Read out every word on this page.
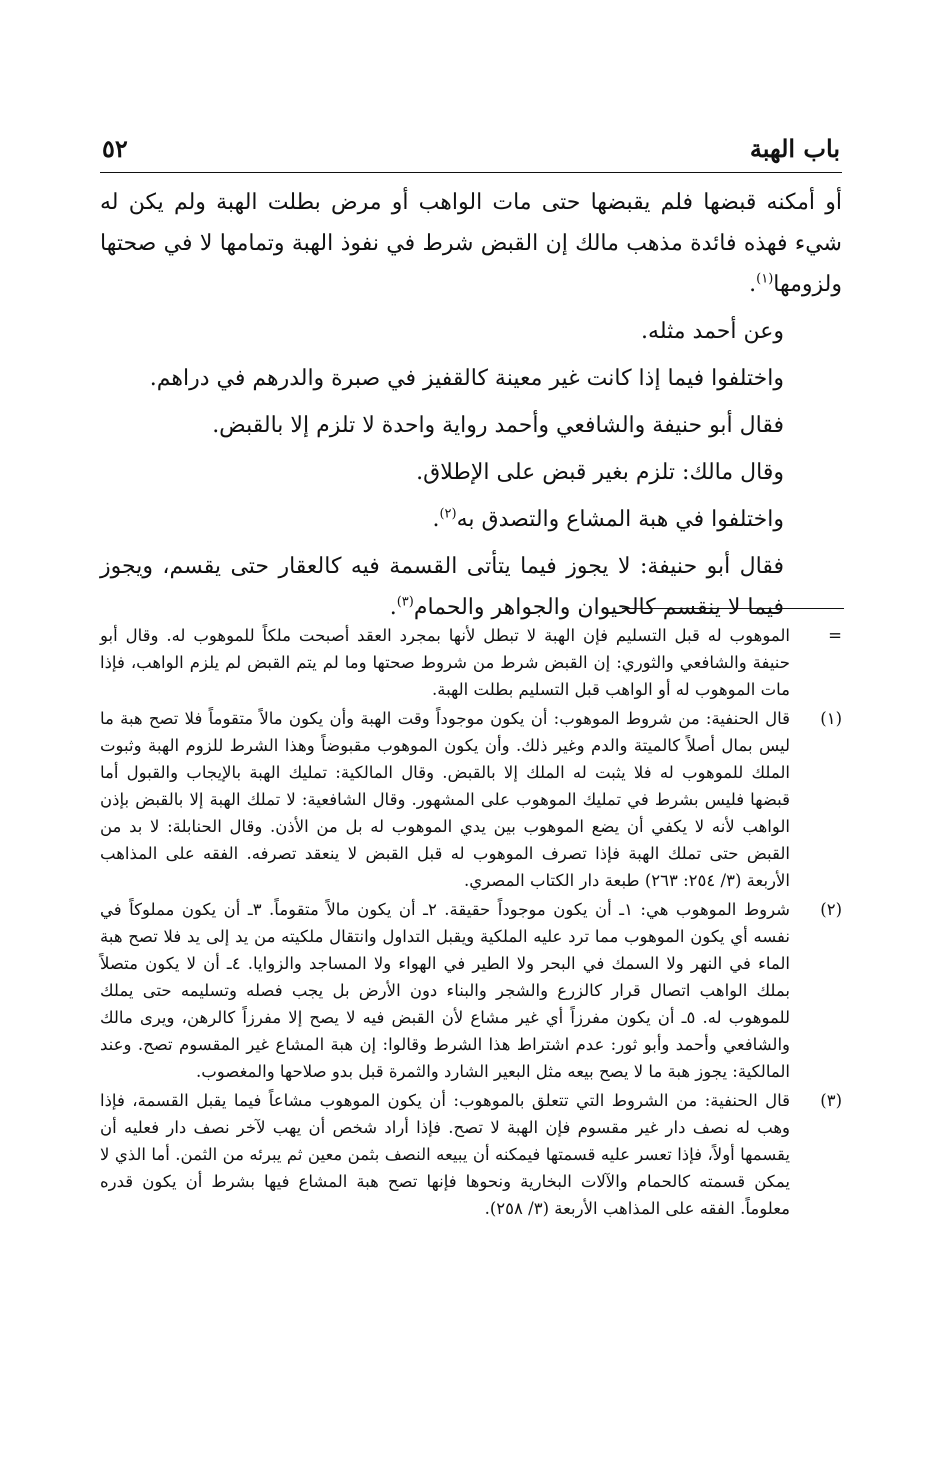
٥٢	باب الهبة

أو أمكنه قبضها فلم يقبضها حتى مات الواهب أو مرض بطلت الهبة ولم يكن له شيء فهذه فائدة مذهب مالك إن القبض شرط في نفوذ الهبة وتمامها لا في صحتها ولزومها$^{(١)}$.

وعن أحمد مثله.

واختلفوا فيما إذا كانت غير معينة كالقفيز في صبرة والدرهم في دراهم.

فقال أبو حنيفة والشافعي وأحمد رواية واحدة لا تلزم إلا بالقبض.

وقال مالك: تلزم بغير قبض على الإطلاق.

واختلفوا في هبة المشاع والتصدق به$^{(٢)}$.

فقال أبو حنيفة: لا يجوز فيما يتأتى القسمة فيه كالعقار حتى يقسم، ويجوز فيما لا ينقسم كالحيوان والجواهر والحمام$^{(٣)}$.

=
الموهوب له قبل التسليم فإن الهبة لا تبطل لأنها بمجرد العقد أصبحت ملكاً للموهوب له. وقال أبو حنيفة والشافعي والثوري: إن القبض شرط من شروط صحتها وما لم يتم القبض لم يلزم الواهب، فإذا مات الموهوب له أو الواهب قبل التسليم بطلت الهبة.
(١)
قال الحنفية: من شروط الموهوب: أن يكون موجوداً وقت الهبة وأن يكون مالاً متقوماً فلا تصح هبة ما ليس بمال أصلاً كالميتة والدم وغير ذلك. وأن يكون الموهوب مقبوضاً وهذا الشرط للزوم الهبة وثبوت الملك للموهوب له فلا يثبت له الملك إلا بالقبض. وقال المالكية: تمليك الهبة بالإيجاب والقبول أما قبضها فليس بشرط في تمليك الموهوب على المشهور. وقال الشافعية: لا تملك الهبة إلا بالقبض بإذن الواهب لأنه لا يكفي أن يضع الموهوب بين يدي الموهوب له بل من الأذن. وقال الحنابلة: لا بد من القبض حتى تملك الهبة فإذا تصرف الموهوب له قبل القبض لا ينعقد تصرفه. الفقه على المذاهب الأربعة (٣/ ٢٥٤: ٢٦٣) طبعة دار الكتاب المصري.
(٢)
شروط الموهوب هي: ١ـ أن يكون موجوداً حقيقة. ٢ـ أن يكون مالاً متقوماً. ٣ـ أن يكون مملوكاً في نفسه أي يكون الموهوب مما ترد عليه الملكية ويقبل التداول وانتقال ملكيته من يد إلى يد فلا تصح هبة الماء في النهر ولا السمك في البحر ولا الطير في الهواء ولا المساجد والزوايا. ٤ـ أن لا يكون متصلاً بملك الواهب اتصال قرار كالزرع والشجر والبناء دون الأرض بل يجب فصله وتسليمه حتى يملك للموهوب له. ٥ـ أن يكون مفرزاً أي غير مشاع لأن القبض فيه لا يصح إلا مفرزاً كالرهن، ويرى مالك والشافعي وأحمد وأبو ثور: عدم اشتراط هذا الشرط وقالوا: إن هبة المشاع غير المقسوم تصح. وعند المالكية: يجوز هبة ما لا يصح بيعه مثل البعير الشارد والثمرة قبل بدو صلاحها والمغصوب.
(٣)
قال الحنفية: من الشروط التي تتعلق بالموهوب: أن يكون الموهوب مشاعاً فيما يقبل القسمة، فإذا وهب له نصف دار غير مقسوم فإن الهبة لا تصح. فإذا أراد شخص أن يهب لآخر نصف دار فعليه أن يقسمها أولاً، فإذا تعسر عليه قسمتها فيمكنه أن يبيعه النصف بثمن معين ثم يبرئه من الثمن. أما الذي لا يمكن قسمته كالحمام والآلات البخارية ونحوها فإنها تصح هبة المشاع فيها بشرط أن يكون قدره معلوماً. الفقه على المذاهب الأربعة (٣/ ٢٥٨).
